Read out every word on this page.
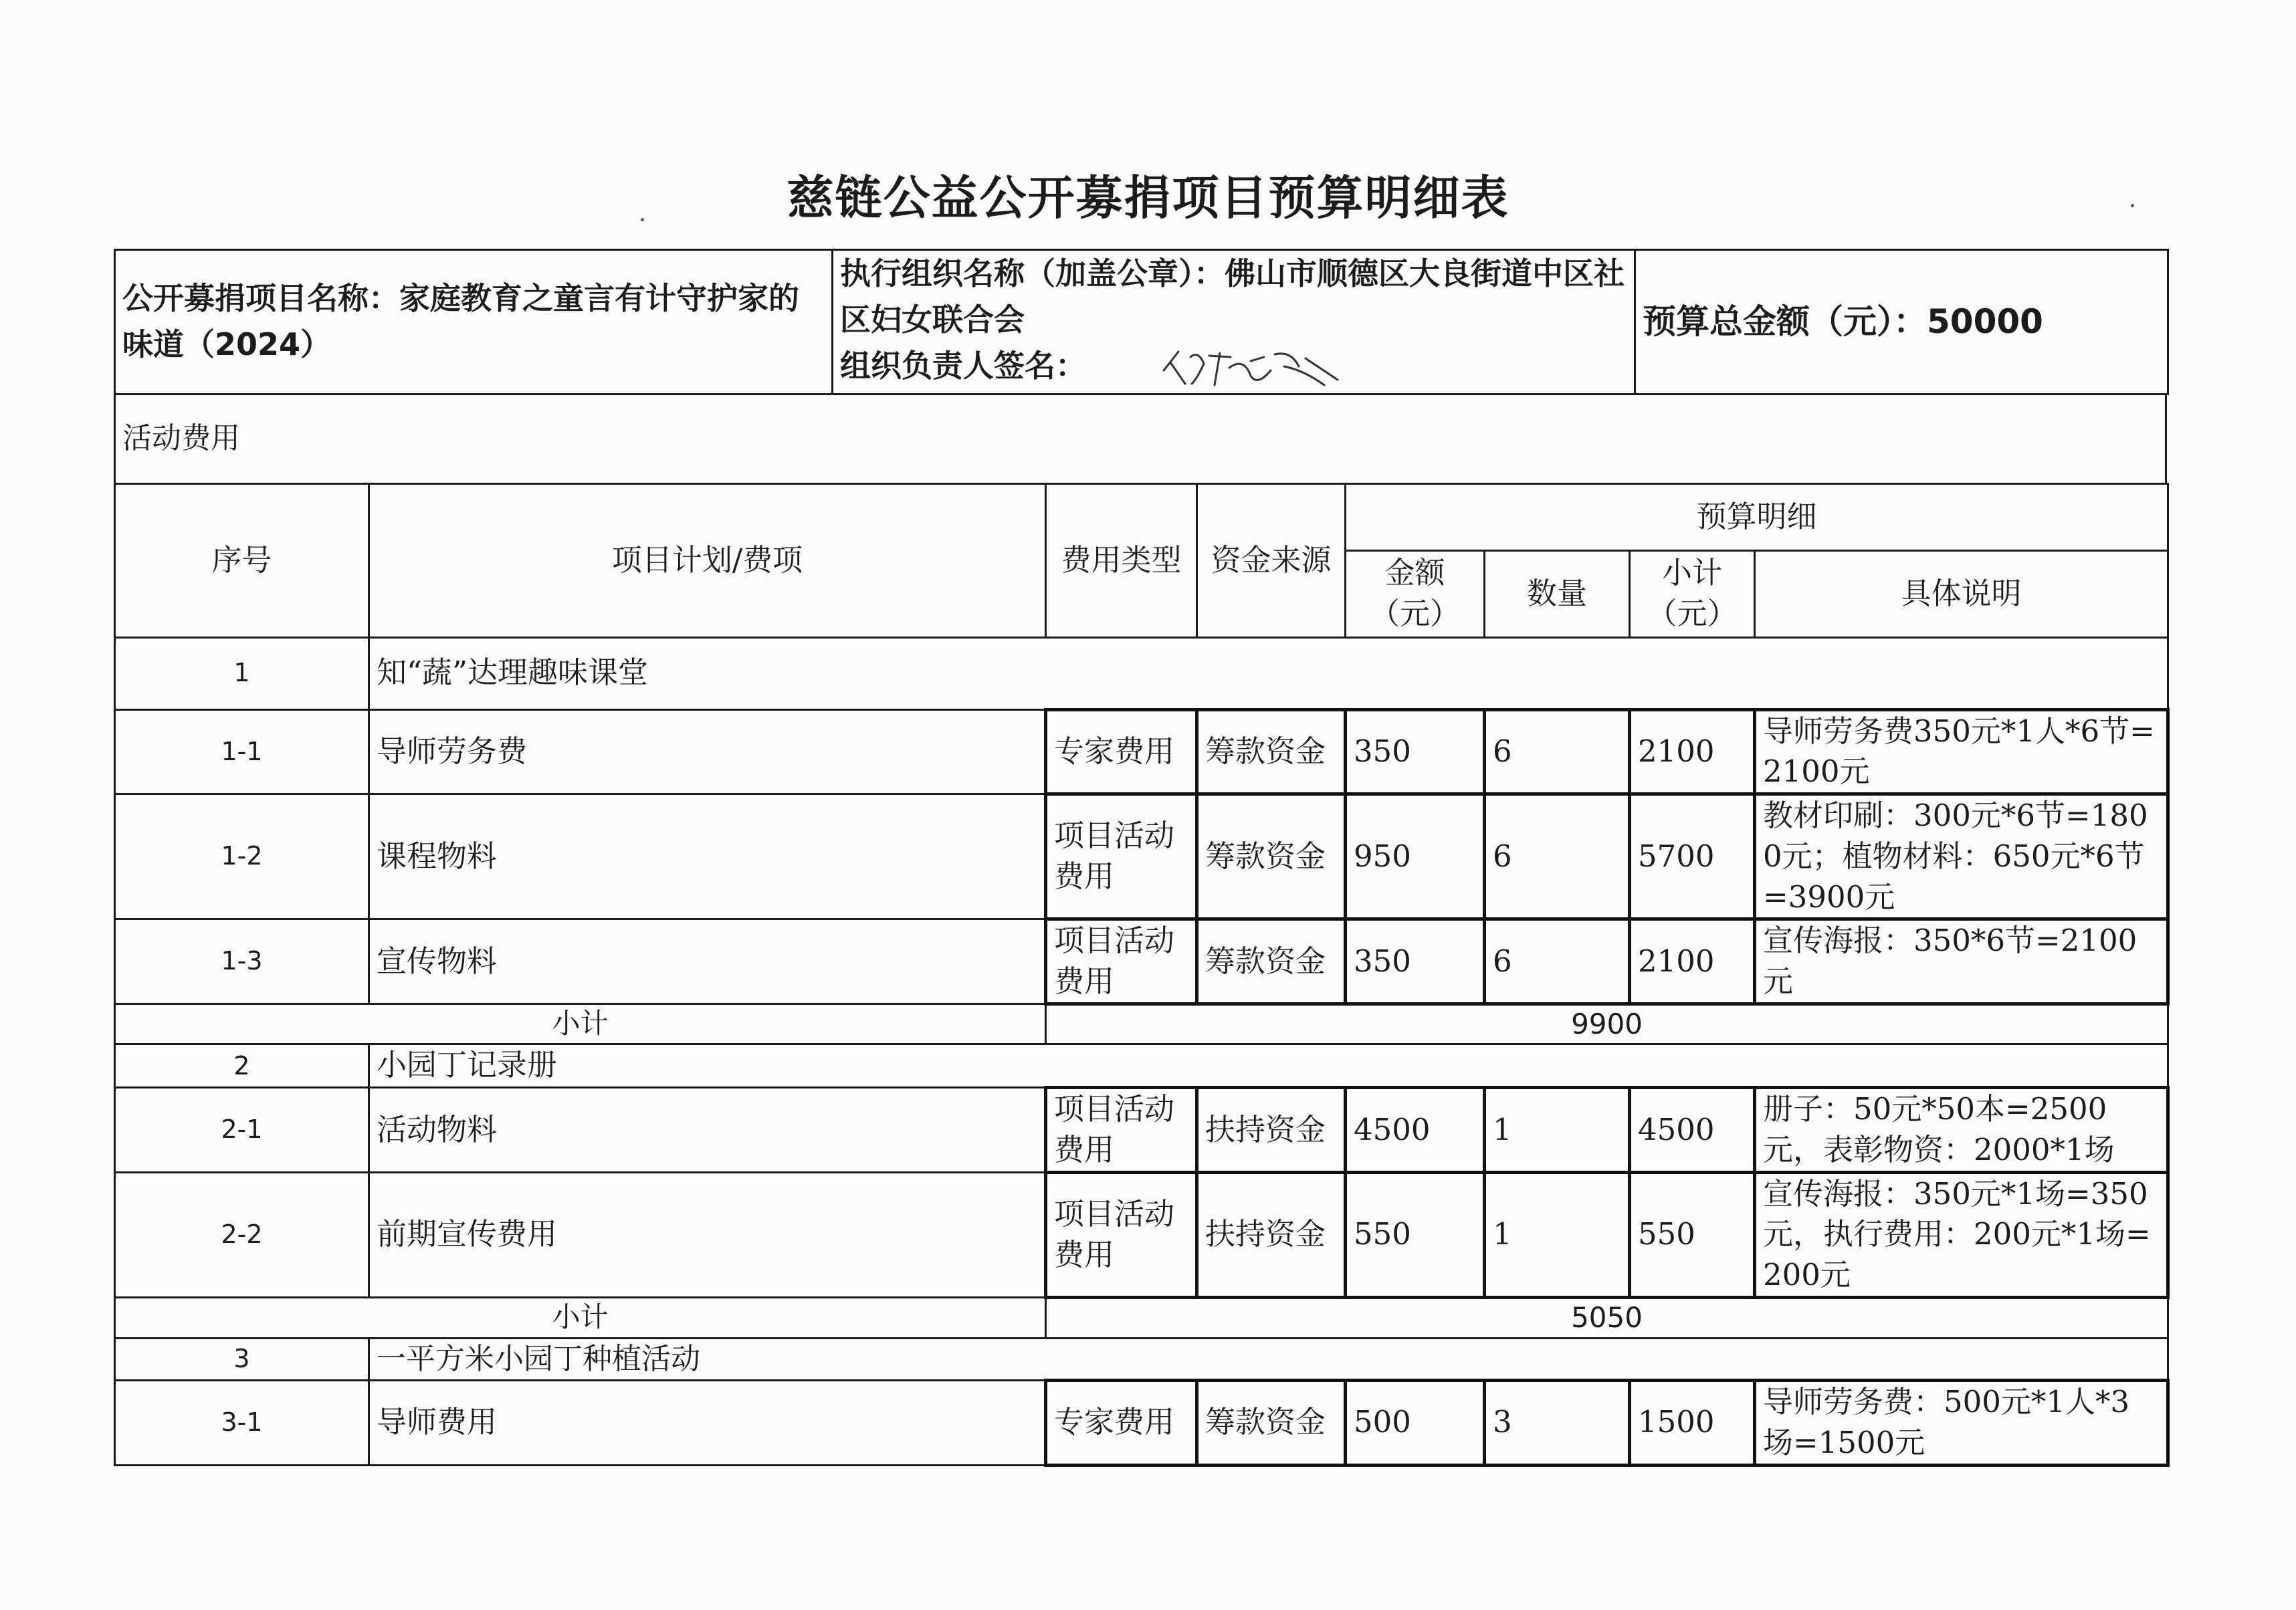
慈链公益公开募捐项目预算明细表
公开募捐项目名称：家庭教育之童言有计守护家的味道（2024）	
执行组织名称（加盖公章）：佛山市顺德区大良街道中区社区妇女联合会
组织负责人签名：
	预算总金额（元）：50000
活动费用
序号	项目计划/费项	费用类型	资金来源	预算明细			
				金额（元）	数量	小计（元）	具体说明
1	知“蔬”达理趣味课堂						
1-1	导师劳务费	专家费用	筹款资金	350	6	2100	导师劳务费350元*1人*6节=2100元
1-2	课程物料	项目活动费用	筹款资金	950	6	5700	教材印刷：300元*6节=1800元；植物材料：650元*6节=3900元
1-3	宣传物料	项目活动费用	筹款资金	350	6	2100	宣传海报：350*6节=2100元
小计		9900					
2	小园丁记录册						
2-1	活动物料	项目活动费用	扶持资金	4500	1	4500	册子：50元*50本=2500元，表彰物资：2000*1场
2-2	前期宣传费用	项目活动费用	扶持资金	550	1	550	宣传海报：350元*1场=350元，执行费用：200元*1场=200元
小计		5050					
3	一平方米小园丁种植活动						
3-1	导师费用	专家费用	筹款资金	500	3	1500	导师劳务费：500元*1人*3场=1500元
